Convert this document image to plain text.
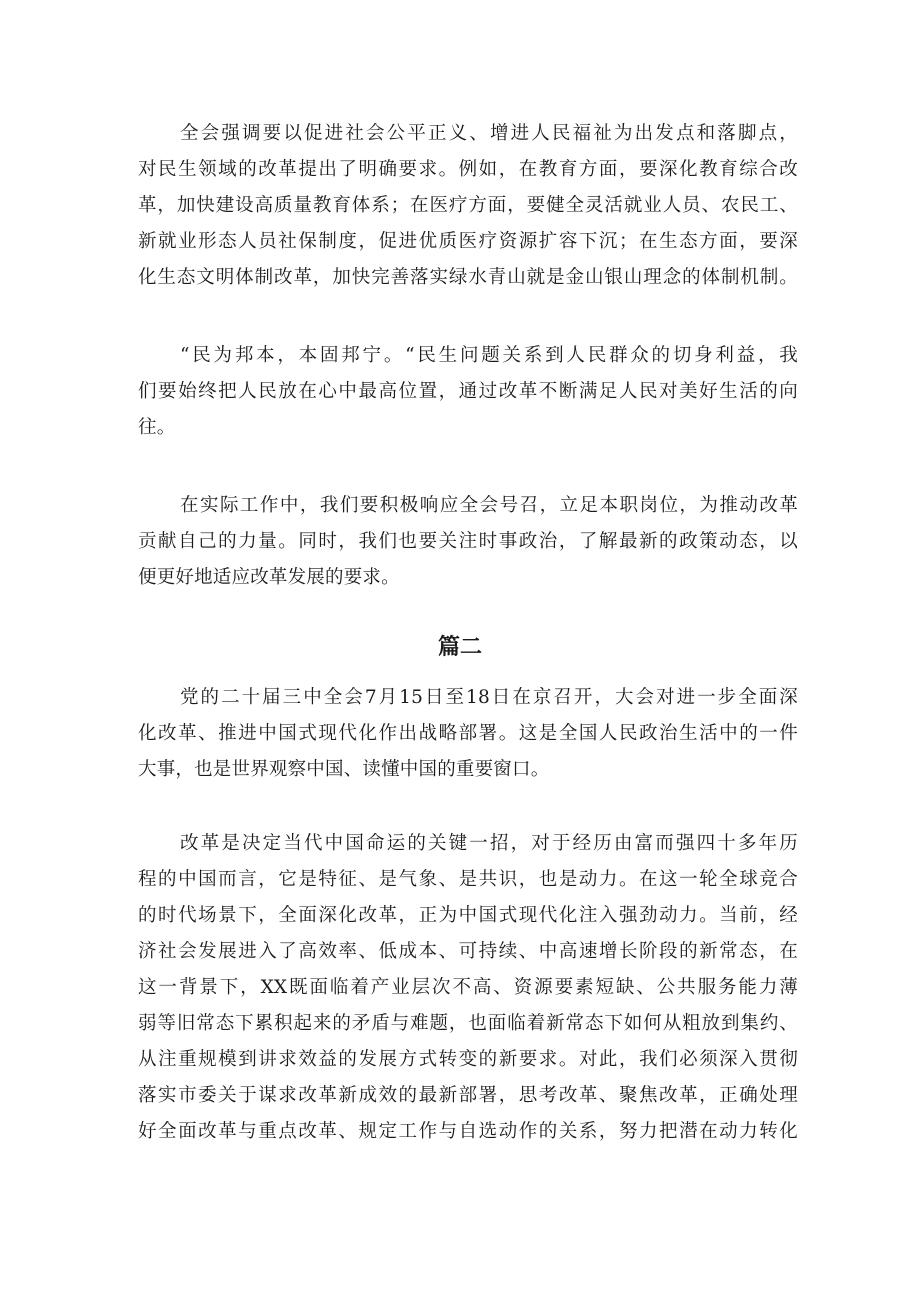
全会强调要以促进社会公平正义、增进人民福祉为出发点和落脚点，
对民生领域的改革提出了明确要求。例如，在教育方面，要深化教育综合改
革，加快建设高质量教育体系；在医疗方面，要健全灵活就业人员、农民工、
新就业形态人员社保制度，促进优质医疗资源扩容下沉；在生态方面，要深
化生态文明体制改革，加快完善落实绿水青山就是金山银山理念的体制机制。
“民为邦本，本固邦宁。“民生问题关系到人民群众的切身利益，我
们要始终把人民放在心中最高位置，通过改革不断满足人民对美好生活的向
往。
在实际工作中，我们要积极响应全会号召，立足本职岗位，为推动改革
贡献自己的力量。同时，我们也要关注时事政治，了解最新的政策动态，以
便更好地适应改革发展的要求。
篇二
党的二十届三中全会7月15日至18日在京召开，大会对进一步全面深
化改革、推进中国式现代化作出战略部署。这是全国人民政治生活中的一件
大事，也是世界观察中国、读懂中国的重要窗口。
改革是决定当代中国命运的关键一招，对于经历由富而强四十多年历
程的中国而言，它是特征、是气象、是共识，也是动力。在这一轮全球竞合
的时代场景下，全面深化改革，正为中国式现代化注入强劲动力。当前，经
济社会发展进入了高效率、低成本、可持续、中高速增长阶段的新常态，在
这一背景下，XX既面临着产业层次不高、资源要素短缺、公共服务能力薄
弱等旧常态下累积起来的矛盾与难题，也面临着新常态下如何从粗放到集约、
从注重规模到讲求效益的发展方式转变的新要求。对此，我们必须深入贯彻
落实市委关于谋求改革新成效的最新部署，思考改革、聚焦改革，正确处理
好全面改革与重点改革、规定工作与自选动作的关系，努力把潜在动力转化
